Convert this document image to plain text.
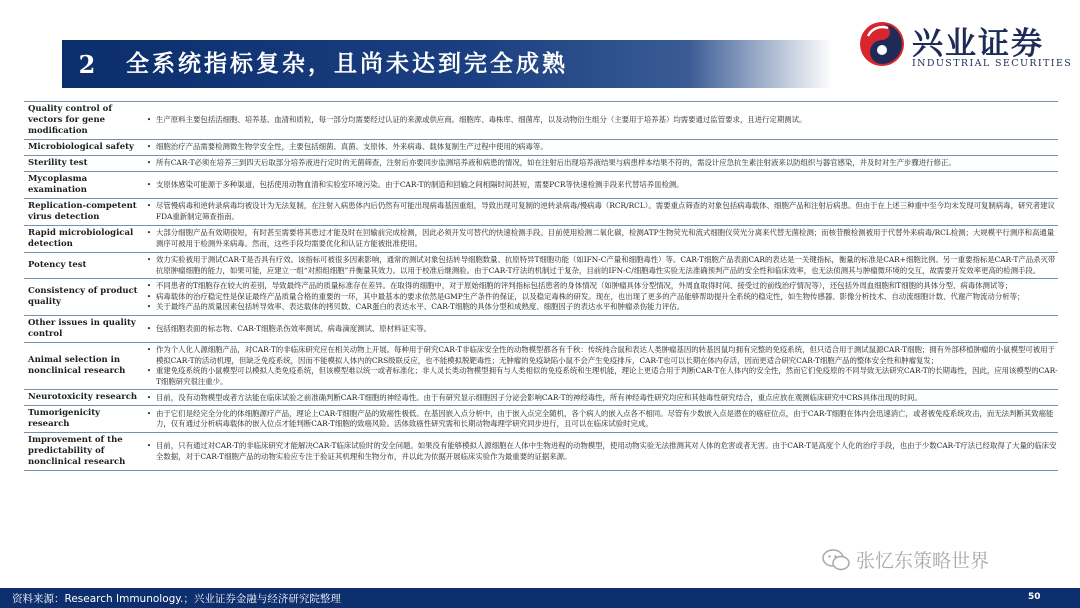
2	全系统指标复杂，且尚未达到完全成熟
兴业证券
INDUSTRIAL SECURITIES
Quality control of vectors for gene modification
• 生产原料主要包括活细胞、培养基、血清和质粒，每一部分均需要经过认证的来源或供应商。细胞库、毒株库、细菌库，以及动物衍生组分（主要用于培养基）均需要通过监管要求，且进行定期测试。
Microbiological safety	• 细胞治疗产品需要检测微生物学安全性，主要包括细菌、真菌、支原体、外来病毒、载体复制生产过程中使用的病毒等。
Sterility test	• 所有CAR-T必须在培养三到四天后取部分培养液进行定时的无菌筛查，注射后亦要同步监测培养液和病患的情况，如在注射后出现培养液结果与病患样本结果不符的，需设计应急抗生素注射液来以防组织与器官感染，并及时对生产步骤进行修正。
Mycoplasma examination
• 支原体感染可能源于多种渠道，包括使用动物血清和实验室环境污染。由于CAR-T的制造和回输之间相隔时间甚短，需要PCR等快速检测手段来代替培养皿检测。
Replication-competent virus detection
• 尽管慢病毒和逆转录病毒均被设计为无法复制，在注射入病患体内后仍然有可能出现病毒基因重组，导致出现可复制的逆转录病毒/慢病毒（RCR/RCL）。需要重点筛查的对象包括病毒载体、细胞产品和注射后病患。但由于在上述三种重中至今均未发现可复制病毒，研究者建议FDA重新制定筛查指南。
Rapid microbiological detection
• 大部分细胞产品有效期很短，有时甚至需要将其患过才能及时在回输前完成检测，因此必须开发可替代的快速检测手段。目前使用检测二氧化碳，检测ATP生物荧光和流式细胞仪荧光分离来代替无菌检测；而核苷酸检测被用于代替外来病毒/RCL检测；大规模平行测序和高通量测序可被用于检测外来病毒。然而，这些手段均需要优化和认证方能被批准使用。
Potency test
• 效力实验被用于测试CAR-T是否具有疗效。该指标可被很多因素影响，通常的测试对象包括转导细胞数量、抗原特异T细胞功能（如IFN-C产量和细胞毒性）等。CAR-T细胞产品表面CAR的表达是一关键指标，衡量的标准是CAR+细胞比例。另一重要指标是CAR-T产品杀灭带抗原肿瘤细胞的能力，如果可能，应建立一组“对照组细胞”并衡量其效力。以用于校准后继测验。由于CAR-T疗法的机制过于复杂，目前的IFN-C/细胞毒性实验无法准确预判产品的安全性和临床效率，也无法侦测其与肿瘤微环境的交互，故需要开发效率更高的检测手段。
Consistency of product quality
• 不同患者的T细胞存在较大的差别，导致最终产品的质量标准存在差异。在取得的细胞中，对于原始细胞的评判指标包括患者的身体情况（如肿瘤具体分型情况，外周血取得时间、接受过的前线治疗情况等），还包括外周血细胞和T细胞的具体分型、病毒体测试等；
• 病毒载体的治疗稳定性是保证最终产品质量合格的重要的一环，其中最基本的要求依然是GMP生产条件的保证，以及稳定毒株的研发。现在，也出现了更多的产品能够帮助提升全系统的稳定性，如生物传感器、影像分析技术、自动流细胞计数、代谢产物流动分析等；
• 关于最终产品的质量因素包括转导效率、表达载体的拷贝数、CAR蛋白的表达水平、CAR-T细胞的具体分型和成熟度、细胞因子的表达水平和肿瘤杀伤能力评估。
Other issues in quality control
• 包括细胞表面的标志物、CAR-T细胞杀伤效率测试、病毒滴度测试、原材料证实等。
Animal selection in nonclinical research
• 作为个人化人源细胞产品，对CAR-T的非临床研究应在相关动物上开展。每种用于研究CAR-T非临床安全性的动物模型都各有千秋：传统纯合鼠和表达人类肿瘤基因的转基因鼠均拥有完整的免疫系统，但只适合用于测试鼠源CAR-T细胞；拥有外部移植肿瘤的小鼠模型可被用于模拟CAR-T的活动机理，但缺乏免疫系统，因而不能模拟人体内的CRS级联反应，也不能模拟脱靶毒性；无肿瘤的免疫缺陷小鼠不会产生免疫排斥，CAR-T也可以长期在体内存活，因而更适合研究CAR-T细胞产品的整体安全性和肿瘤复发；
• 重建免疫系统的小鼠模型可以模拟人类免疫系统，但该模型难以统一或者标准化；非人灵长类动物模型拥有与人类相似的免疫系统和生理机能，理论上更适合用于判断CAR-T在人体内的安全性，然而它们免疫原的不同导致无法研究CAR-T的长期毒性，因此，应用该模型的CAR-T细胞研究很注重少。
Neurotoxicity research	• 目前，没有动物模型或者方法能在临床试验之前准确判断CAR-T细胞的神经毒性。由于有研究显示细胞因子分泌会影响CAR-T的神经毒性，所有神经毒性研究均应和其他毒性研究结合，重点应放在观测临床研究中CRS具体出现的时间。
Tumorigenicity research
• 由于它们是经完全分化的体细胞源疗产品，理论上CAR-T细胞产品的致癌性极低。在基因嵌入点分析中，由于嵌入点完全随机，各个病人的嵌入点各不相同。尽管有少数嵌入点是潜在的癌症位点，由于CAR-T细胞在体内会迅速消亡，或者被免疫系统攻击，而无法判断其致癌能力，仅有通过分析病毒载体的嵌入位点才能判断CAR-T细胞的致癌风险。活体致癌性研究需和长期动物毒理学研究同步进行，且可以在临床试验时完成。
Improvement of the predictability of nonclinical research
• 目前，只有通过对CAR-T的非临床研究才能解决CAR-T临床试验时的安全问题。如果没有能够模拟人源细胞在人体中生物进程的动物模型，使用动物实验无法推测其对人体的危害或者无害。由于CAR-T是高度个人化的治疗手段，也由于少数CAR-T疗法已经取得了大量的临床安全数据，对于CAR-T细胞产品的动物实验应专注于验证其机理和生物分布，并以此为依据开展临床实验作为最重要的证据来源。
张忆东策略世界
资料来源：Research Immunology.；兴业证券金融与经济研究院整理	50
